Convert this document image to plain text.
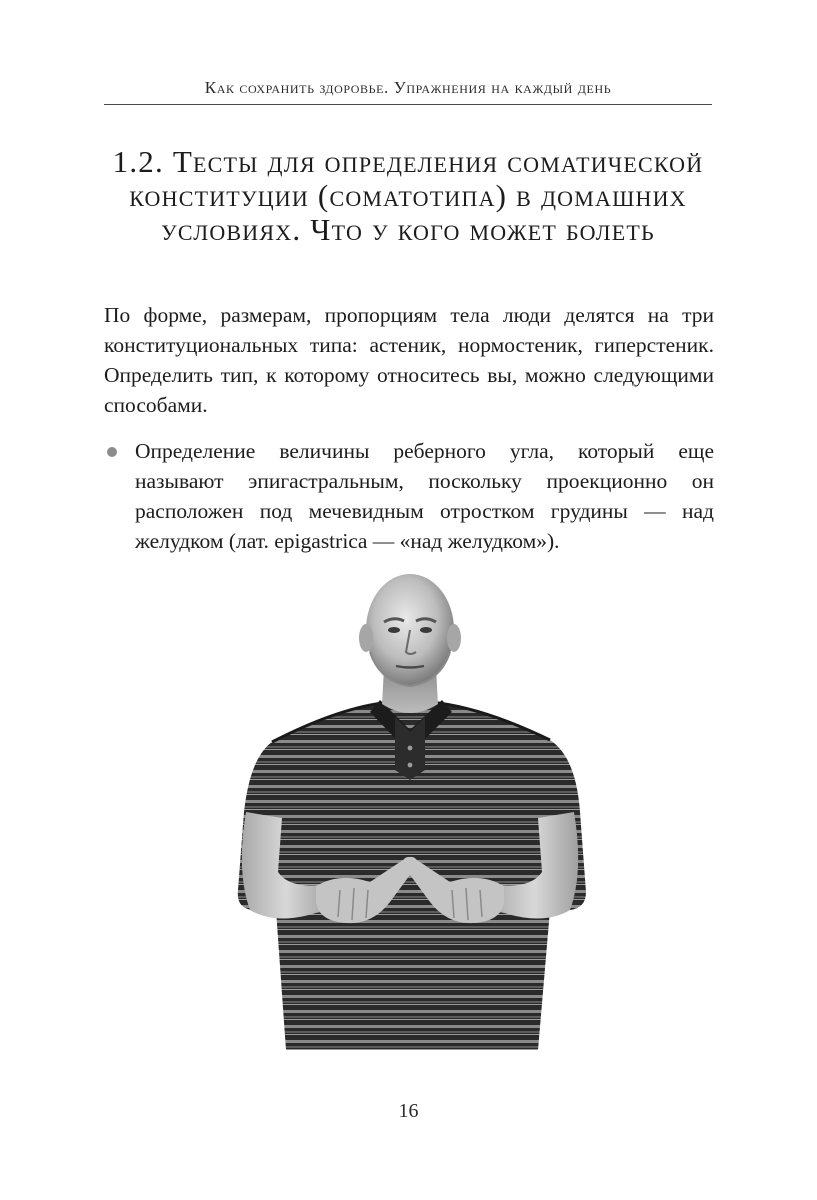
Как сохранить здоровье. Упражнения на каждый день
1.2. Тесты для определения соматической конституции (соматотипа) в домашних условиях. Что у кого может болеть

По форме, размерам, пропорциям тела люди делятся на три конституциональных типа: астеник, нормостеник, гиперстеник. Определить тип, к которому относитесь вы, можно следующими способами.

Определение величины реберного угла, который еще называют эпигастральным, поскольку проекционно он расположен под мечевидным отростком грудины — над желудком (лат. epigastrica — «над желудком»).
16
